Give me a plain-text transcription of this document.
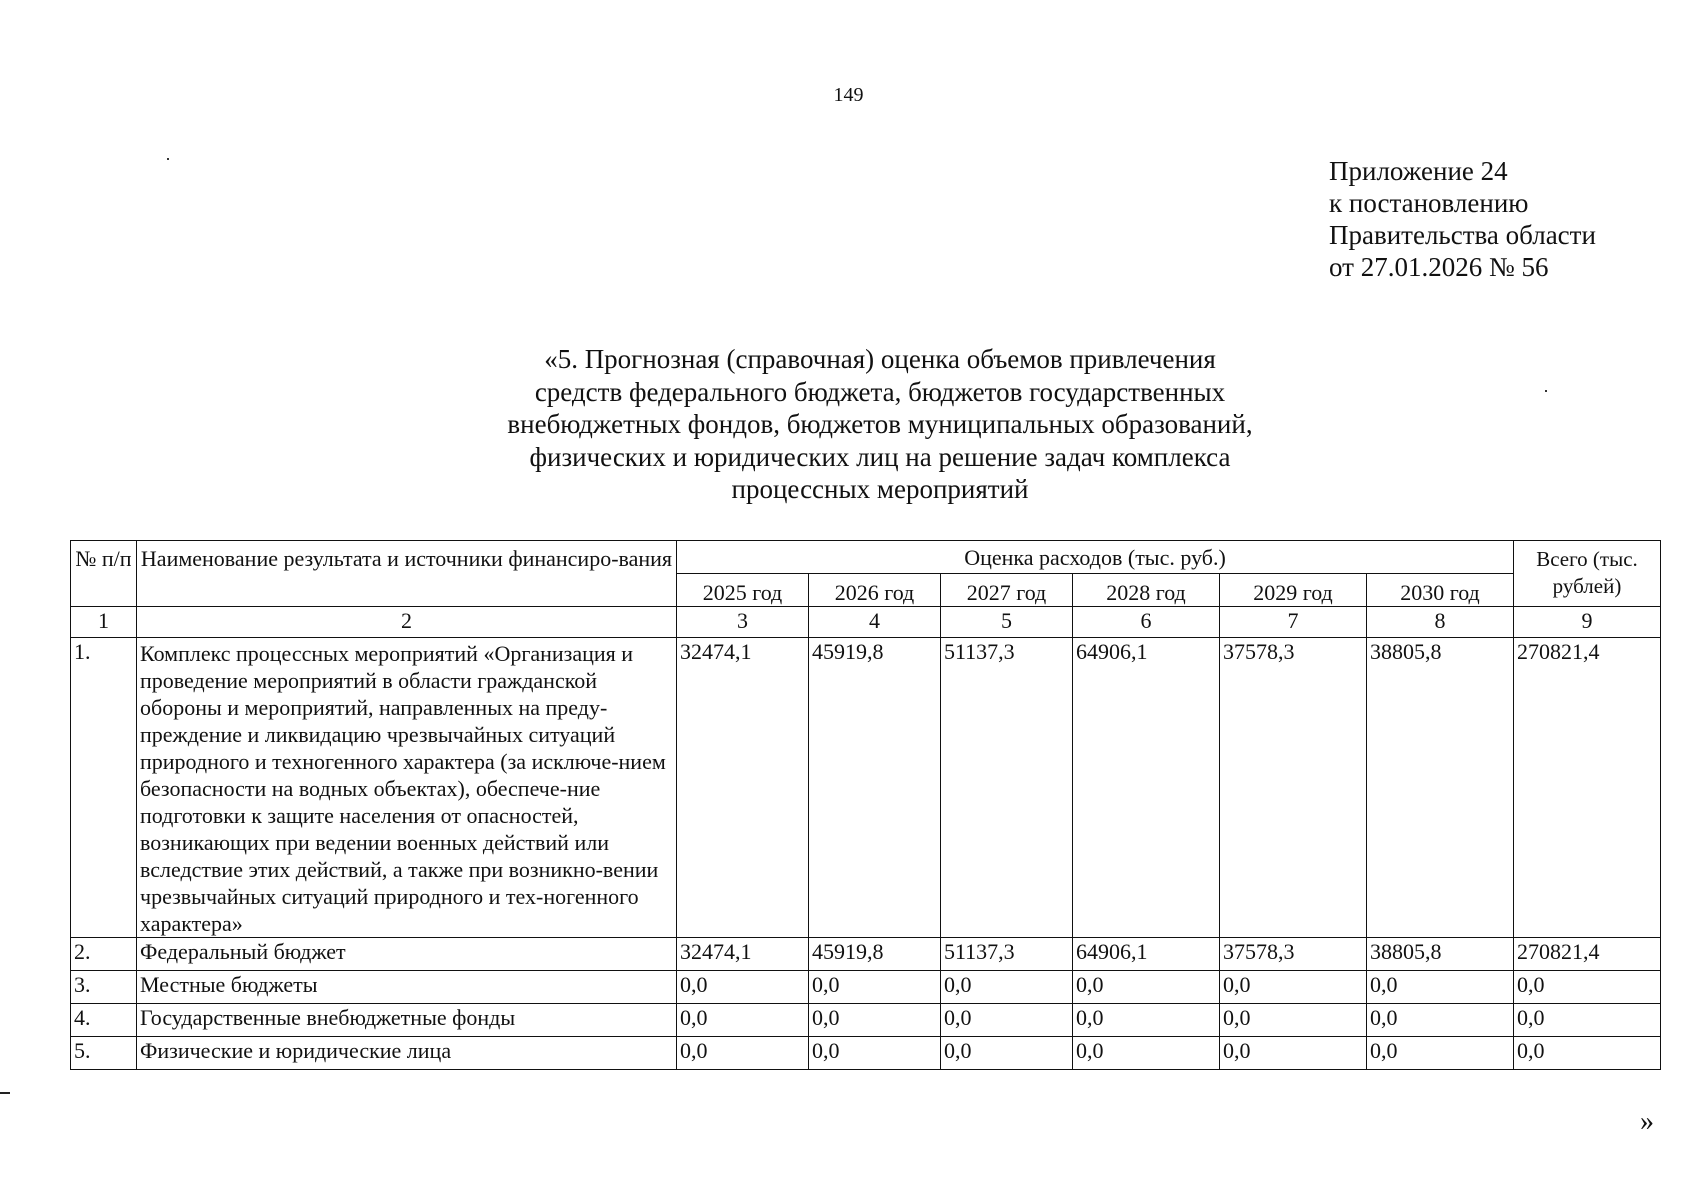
149
Приложение 24
к постановлению
Правительства области
от 27.01.2026 № 56
«5. Прогнозная (справочная) оценка объемов привлечения
средств федерального бюджета, бюджетов государственных
внебюджетных фондов, бюджетов муниципальных образований,
физических и юридических лиц на решение задач комплекса
процессных мероприятий
№ п/п	Наименование результата и источники финансиро-вания	Оценка расходов (тыс. руб.)						Всего (тыс. рублей)
		2025 год	2026 год	2027 год	2028 год	2029 год	2030 год	
1	2	3	4	5	6	7	8	9
1.	Комплекс процессных мероприятий «Организация и проведение мероприятий в области гражданской обороны и мероприятий, направленных на преду-преждение и ликвидацию чрезвычайных ситуаций природного и техногенного характера (за исключе-нием безопасности на водных объектах), обеспече-ние подготовки к защите населения от опасностей, возникающих при ведении военных действий или вследствие этих действий, а также при возникно-вении чрезвычайных ситуаций природного и тех-ногенного характера»	32474,1	45919,8	51137,3	64906,1	37578,3	38805,8	270821,4
2.	Федеральный бюджет	32474,1	45919,8	51137,3	64906,1	37578,3	38805,8	270821,4
3.	Местные бюджеты	0,0	0,0	0,0	0,0	0,0	0,0	0,0
4.	Государственные внебюджетные фонды	0,0	0,0	0,0	0,0	0,0	0,0	0,0
5.	Физические и юридические лица	0,0	0,0	0,0	0,0	0,0	0,0	0,0
»
